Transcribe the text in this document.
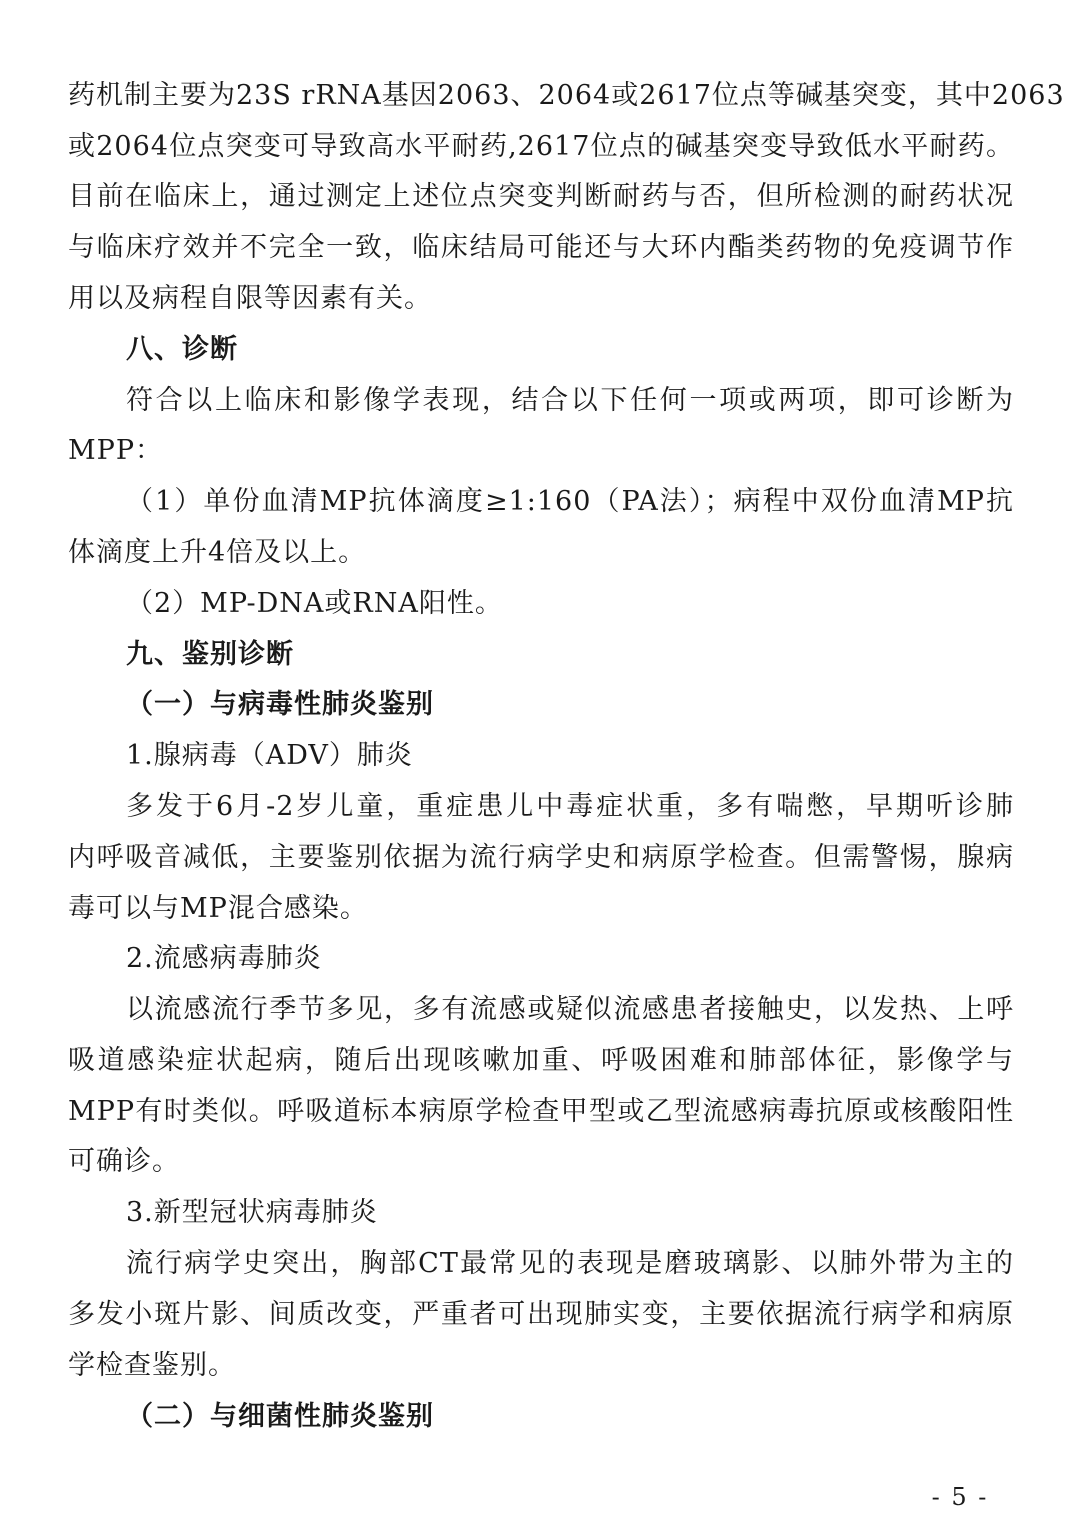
药机制主要为23S rRNA基因2063、2064或2617位点等碱基突变，其中2063
或2064位点突变可导致高水平耐药,2617位点的碱基突变导致低水平耐药。
目前在临床上，通过测定上述位点突变判断耐药与否，但所检测的耐药状况
与临床疗效并不完全一致，临床结局可能还与大环内酯类药物的免疫调节作
用以及病程自限等因素有关。
八、诊断
符合以上临床和影像学表现，结合以下任何一项或两项，即可诊断为
MPP：
（1）单份血清MP抗体滴度≥1:160（PA法）；病程中双份血清MP抗
体滴度上升4倍及以上。
（2）MP-DNA或RNA阳性。
九、鉴别诊断
（一）与病毒性肺炎鉴别
1.腺病毒（ADV）肺炎
多发于6月-2岁儿童，重症患儿中毒症状重，多有喘憋，早期听诊肺
内呼吸音减低，主要鉴别依据为流行病学史和病原学检查。但需警惕，腺病
毒可以与MP混合感染。
2.流感病毒肺炎
以流感流行季节多见，多有流感或疑似流感患者接触史，以发热、上呼
吸道感染症状起病，随后出现咳嗽加重、呼吸困难和肺部体征，影像学与
MPP有时类似。呼吸道标本病原学检查甲型或乙型流感病毒抗原或核酸阳性
可确诊。
3.新型冠状病毒肺炎
流行病学史突出，胸部CT最常见的表现是磨玻璃影、以肺外带为主的
多发小斑片影、间质改变，严重者可出现肺实变，主要依据流行病学和病原
学检查鉴别。
（二）与细菌性肺炎鉴别
- 5 -
